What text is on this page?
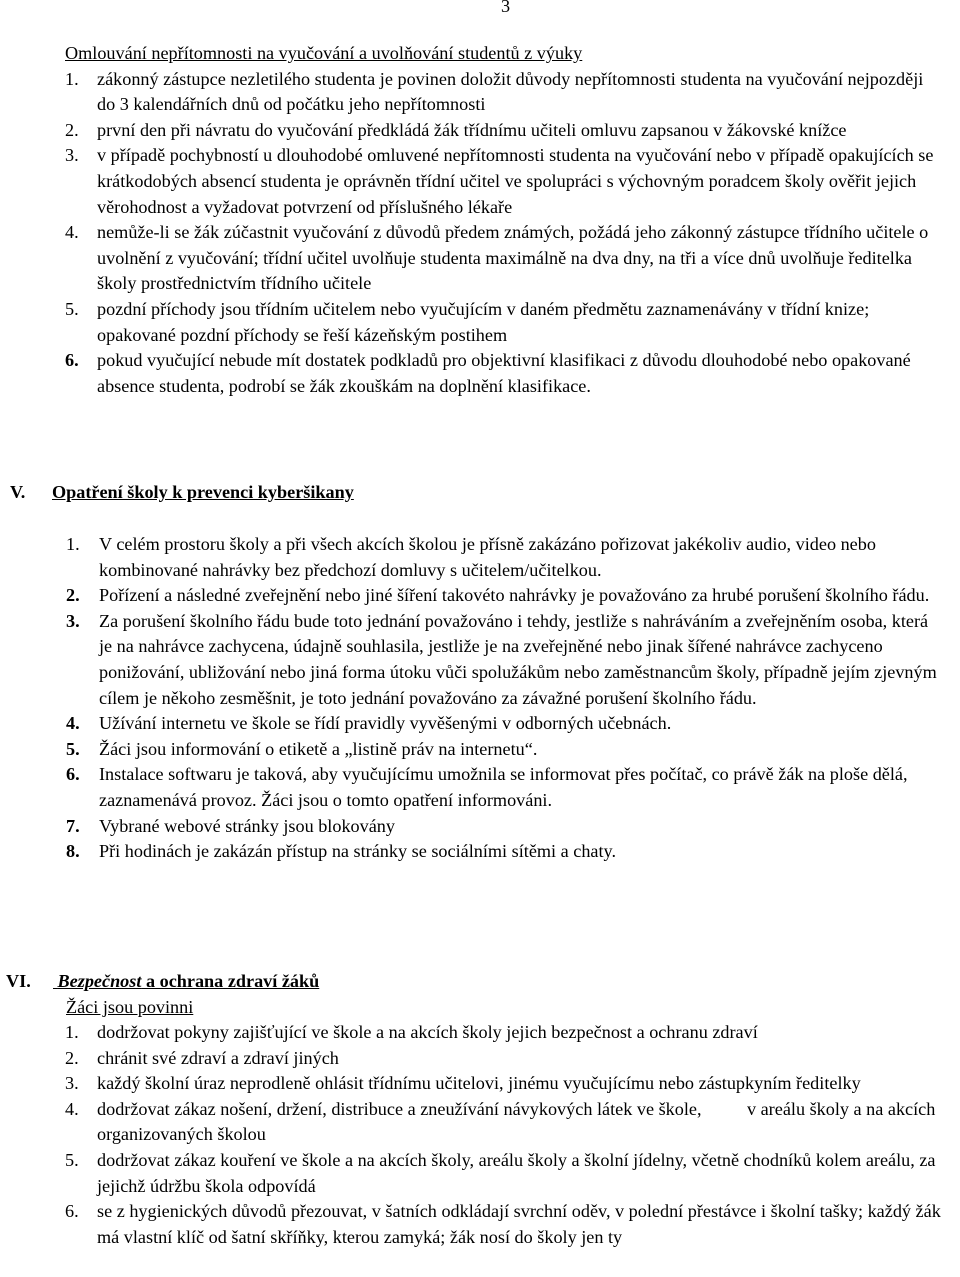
3
Omlouvání nepřítomnosti na vyučování a uvolňování studentů z výuky
1. zákonný zástupce nezletilého studenta je povinen doložit důvody nepřítomnosti studenta na vyučování nejpozději do 3 kalendářních dnů od počátku jeho nepřítomnosti
2. první den při návratu do vyučování předkládá žák třídnímu učiteli omluvu zapsanou v žákovské knížce
3. v případě pochybností u dlouhodobé omluvené nepřítomnosti studenta na vyučování nebo v případě opakujících se krátkodobých absencí studenta je oprávněn třídní učitel ve spolupráci s výchovným poradcem školy ověřit jejich věrohodnost a vyžadovat potvrzení od příslušného lékaře
4. nemůže-li se žák zúčastnit vyučování z důvodů předem známých, požádá jeho zákonný zástupce třídního učitele o uvolnění z vyučování; třídní učitel uvolňuje studenta maximálně na dva dny, na tři a více dnů uvolňuje ředitelka školy prostřednictvím třídního učitele
5. pozdní příchody jsou třídním učitelem nebo vyučujícím v daném předmětu zaznamenávány v třídní knize; opakované pozdní příchody se řeší kázeňským postihem
6. pokud vyučující nebude mít dostatek podkladů pro objektivní klasifikaci z důvodu dlouhodobé nebo opakované absence studenta, podrobí se žák zkouškám na doplnění klasifikace.
V. Opatření školy k prevenci kyberšikany
1. V celém prostoru školy a při všech akcích školou je přísně zakázáno pořizovat jakékoliv audio, video nebo kombinované nahrávky bez předchozí domluvy s učitelem/učitelkou.
2. Pořízení a následné zveřejnění nebo jiné šíření takovéto nahrávky je považováno za hrubé porušení školního řádu.
3. Za porušení školního řádu bude toto jednání považováno i tehdy, jestliže s nahráváním a zveřejněním osoba, která je na nahrávce zachycena, údajně souhlasila, jestliže je na zveřejněné nebo jinak šířené nahrávce zachyceno ponižování, ubližování nebo jiná forma útoku vůči spolužákům nebo zaměstnancům školy, případně jejím zjevným cílem je někoho zesměšnit, je toto jednání považováno za závažné porušení školního řádu.
4. Užívání internetu ve škole se řídí pravidly vyvěšenými v odborných učebnách.
5. Žáci jsou informování o etiketě a „listině práv na internetu“.
6. Instalace softwaru je taková, aby vyučujícímu umožnila se informovat přes počítač, co právě žák na ploše dělá, zaznamenává provoz. Žáci jsou o tomto opatření informováni.
7. Vybrané webové stránky jsou blokovány
8. Při hodinách je zakázán přístup na stránky se sociálními sítěmi a chaty.
VI. Bezpečnost a ochrana zdraví žáků
Žáci jsou povinni
1. dodržovat pokyny zajišťující ve škole a na akcích školy jejich bezpečnost a ochranu zdraví
2. chránit své zdraví a zdraví jiných
3. každý školní úraz neprodleně ohlásit třídnímu učitelovi, jinému vyučujícímu nebo zástupkyním ředitelky
4. dodržovat zákaz nošení, držení, distribuce a zneužívání návykových látek ve škole,          v areálu školy a na akcích organizovaných školou
5. dodržovat zákaz kouření ve škole a na akcích školy, areálu školy a školní jídelny, včetně chodníků kolem areálu, za jejichž údržbu škola odpovídá
6. se z hygienických důvodů přezouvat, v šatních odkládají svrchní oděv, v polední přestávce i školní tašky; každý žák má vlastní klíč od šatní skříňky, kterou zamyká; žák nosí do školy jen ty
